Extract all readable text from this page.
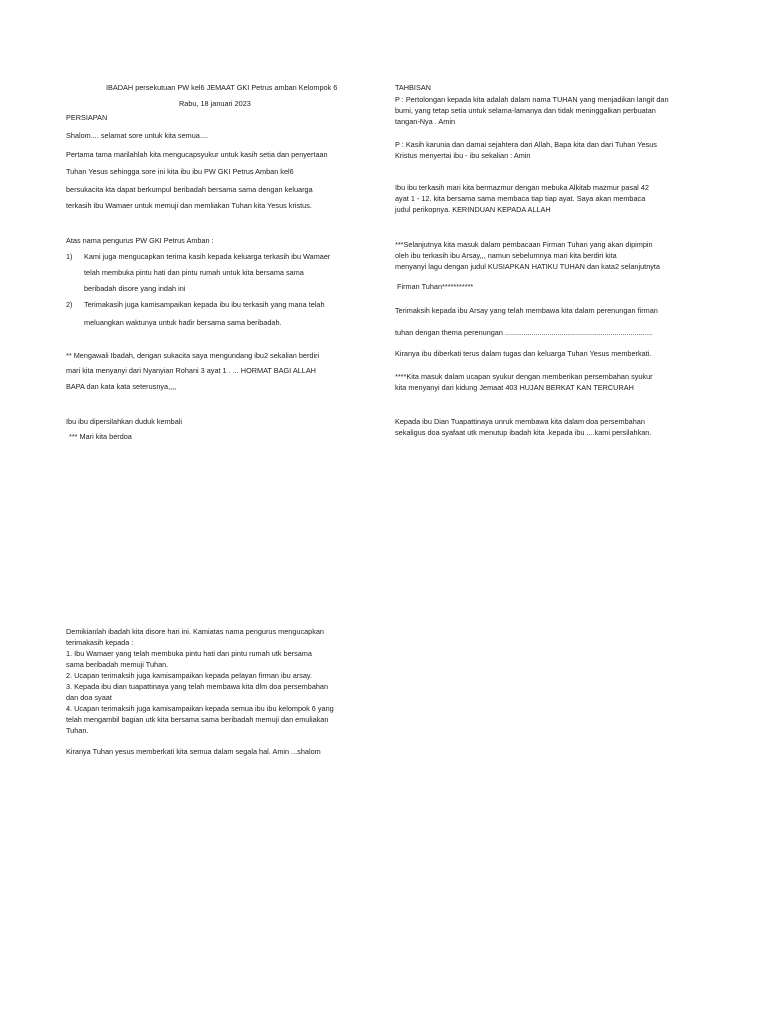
IBADAH persekutuan PW kel6 JEMAAT GKI Petrus amban Kelompok 6

Rabu, 18 januari 2023

PERSIAPAN

Shalom.... selamat sore untuk kita semua....

Pertama tama marilahlah kita mengucapsyukur untuk kasih setia dan penyertaan

Tuhan Yesus sehingga sore ini kita ibu ibu PW GKI Petrus Amban kel6

bersukacita kta dapat berkumpul beribadah bersama sama dengan keluarga

terkasih ibu Wamaer untuk memuji dan memliakan Tuhan kita Yesus kristus.

Atas nama pengurus PW GKI Petrus Amban :

1) Kami juga mengucapkan terima kasih kepada keluarga terkasih ibu Wamaer

telah membuka pintu hati dan pintu rumah untuk kita bersama sama

beribadah disore yang indah ini

2) Terimakasih juga kamisampaikan kepada ibu ibu terkasih yang mana telah

meluangkan waktunya untuk hadir bersama sama beribadah.

** Mengawali Ibadah, dengan sukacita saya mengundang ibu2 sekalian berdiri

mari kita menyanyi dari Nyanyian Rohani 3 ayat 1 . ... HORMAT BAGI ALLAH

BAPA dan kata kata seterusnya,,,,

Ibu ibu dipersilahkan duduk kembali

*** Mari kita berdoa

Demikianlah ibadah kita disore hari ini. Kamiatas nama pengurus mengucapkan

terimakasih kepada :

1. Ibu Wamaer yang telah membuka pintu hati dan pintu rumah utk bersama

sama beribadah memuji Tuhan.

2. Ucapan terimaksih juga kamisampaikan kepada pelayan firman ibu arsay.

3. Kepada ibu dian tuapattinaya yang telah membawa kita dlm doa persembahan

dan doa syaat

4. Ucapan terimaksih juga kamisampaikan kepada semua ibu ibu kelompok 6 yang

telah mengambil bagian utk kita bersama sama beribadah memuji dan emuliakan

Tuhan.

Kiranya Tuhan yesus memberkati kita semua dalam segala hal. Amin ...shalom

TAHBISAN

P : Pertolongan kepada kita adalah dalam nama TUHAN yang menjadikan langit dan

bumi, yang tetap setia untuk selama-lamanya dan tidak meninggalkan perbuatan

tangan-Nya . Amin

P : Kasih karunia dan damai sejahtera dari Allah, Bapa kita dan dari Tuhan Yesus

Kristus menyertai ibu - ibu sekalian : Amin

Ibu ibu terkasih mari kita bermazmur dengan mebuka Alkitab mazmur pasal 42

ayat 1 - 12. kita bersama sama membaca tiap tiap ayat. Saya akan membaca

judul perikopnya. KERINDUAN KEPADA ALLAH

***Selanjutnya kita masuk dalam pembacaan Firman Tuhan yang akan dipimpin

oleh ibu terkasih ibu Arsay,,, namun sebelumnya mari kita berdiri kita

menyanyi lagu dengan judul KUSIAPKAN HATIKU TUHAN dan kata2 selanjutnyta

Firman Tuhan***********

Terimaksih kepada ibu Arsay yang telah membawa kita dalam perenungan firman

tuhan dengan thema perenungan .........................................................................

Kiranya ibu diberkati terus dalam tugas dan keluarga Tuhan Yesus memberkati.

****Kita masuk dalam ucapan syukur dengan memberikan persembahan syukur

kita menyanyi dari kidung Jemaat 403 HUJAN BERKAT KAN TERCURAH

Kepada ibu Dian Tuapattinaya unruk membawa kita dalam doa persembahan

sekaligus doa syafaat utk menutup ibadah kita .kepada ibu ....kami persilahkan.
